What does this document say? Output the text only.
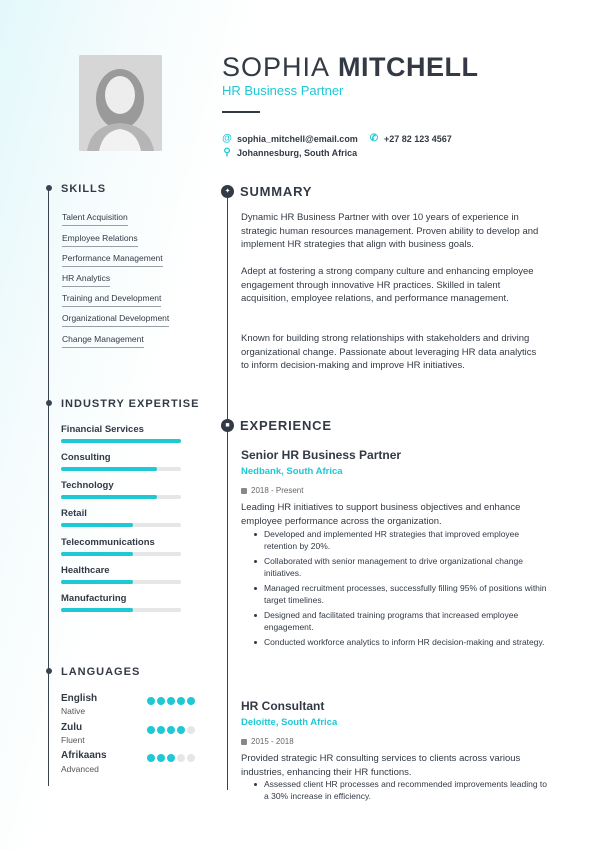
SOPHIA MITCHELL
HR Business Partner
@ sophia_mitchell@email.com ✆ +27 82 123 4567
⚲ Johannesburg, South Africa
SKILLS
Talent Acquisition
Employee Relations
Performance Management
HR Analytics
Training and Development
Organizational Development
Change Management
INDUSTRY EXPERTISE
Financial Services
Consulting
Technology
Retail
Telecommunications
Healthcare
Manufacturing
LANGUAGES
English
Native
Zulu
Fluent
Afrikaans
Advanced
✦ SUMMARY
Dynamic HR Business Partner with over 10 years of experience in strategic human resources management. Proven ability to develop and implement HR strategies that align with business goals.
Adept at fostering a strong company culture and enhancing employee engagement through innovative HR practices. Skilled in talent acquisition, employee relations, and performance management.
Known for building strong relationships with stakeholders and driving organizational change. Passionate about leveraging HR data analytics to inform decision-making and improve HR initiatives.
■ EXPERIENCE
Senior HR Business Partner
Nedbank, South Africa
2018 - Present
Leading HR initiatives to support business objectives and enhance employee performance across the organization.
Developed and implemented HR strategies that improved employee retention by 20%.
Collaborated with senior management to drive organizational change initiatives.
Managed recruitment processes, successfully filling 95% of positions within target timelines.
Designed and facilitated training programs that increased employee engagement.
Conducted workforce analytics to inform HR decision-making and strategy.
HR Consultant
Deloitte, South Africa
2015 - 2018
Provided strategic HR consulting services to clients across various industries, enhancing their HR functions.
Assessed client HR processes and recommended improvements leading to a 30% increase in efficiency.
